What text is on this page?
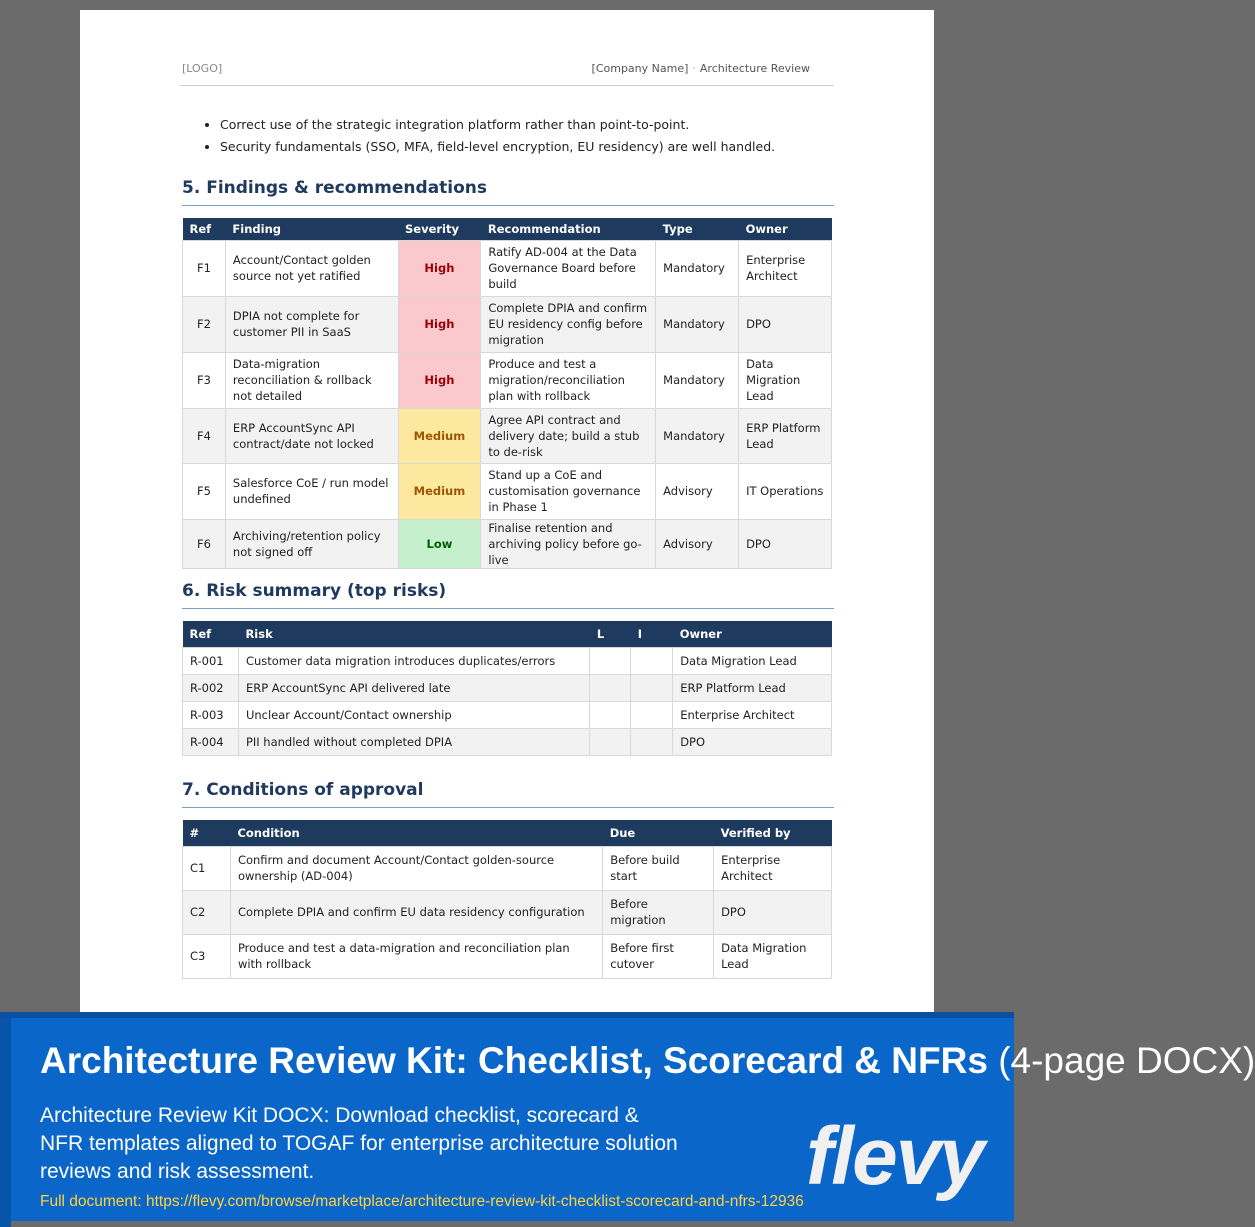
[LOGO]	[Company Name] · Architecture Review
• Correct use of the strategic integration platform rather than point-to-point.
• Security fundamentals (SSO, MFA, field-level encryption, EU residency) are well handled.
5. Findings & recommendations
Ref	Finding	Severity	Recommendation	Type	Owner
F1	Account/Contact golden source not yet ratified	High	Ratify AD-004 at the Data Governance Board before build	Mandatory	Enterprise Architect
F2	DPIA not complete for customer PII in SaaS	High	Complete DPIA and confirm EU residency config before migration	Mandatory	DPO
F3	Data-migration reconciliation & rollback not detailed	High	Produce and test a migration/reconciliation plan with rollback	Mandatory	Data Migration Lead
F4	ERP AccountSync API contract/date not locked	Medium	Agree API contract and delivery date; build a stub to de-risk	Mandatory	ERP Platform Lead
F5	Salesforce CoE / run model undefined	Medium	Stand up a CoE and customisation governance in Phase 1	Advisory	IT Operations
F6	Archiving/retention policy not signed off	Low	Finalise retention and archiving policy before go-live	Advisory	DPO
6. Risk summary (top risks)
Ref	Risk	L	I	Owner
R-001	Customer data migration introduces duplicates/errors			Data Migration Lead
R-002	ERP AccountSync API delivered late			ERP Platform Lead
R-003	Unclear Account/Contact ownership			Enterprise Architect
R-004	PII handled without completed DPIA			DPO
7. Conditions of approval
#	Condition	Due	Verified by
C1	Confirm and document Account/Contact golden-source ownership (AD-004)	Before build start	Enterprise Architect
C2	Complete DPIA and confirm EU data residency configuration	Before migration	DPO
C3	Produce and test a data-migration and reconciliation plan with rollback	Before first cutover	Data Migration Lead
Architecture Review Kit: Checklist, Scorecard & NFRs (4-page DOCX)
Architecture Review Kit DOCX: Download checklist, scorecard & NFR templates aligned to TOGAF for enterprise architecture solution reviews and risk assessment.
Full document: https://flevy.com/browse/marketplace/architecture-review-kit-checklist-scorecard-and-nfrs-12936 flevy
